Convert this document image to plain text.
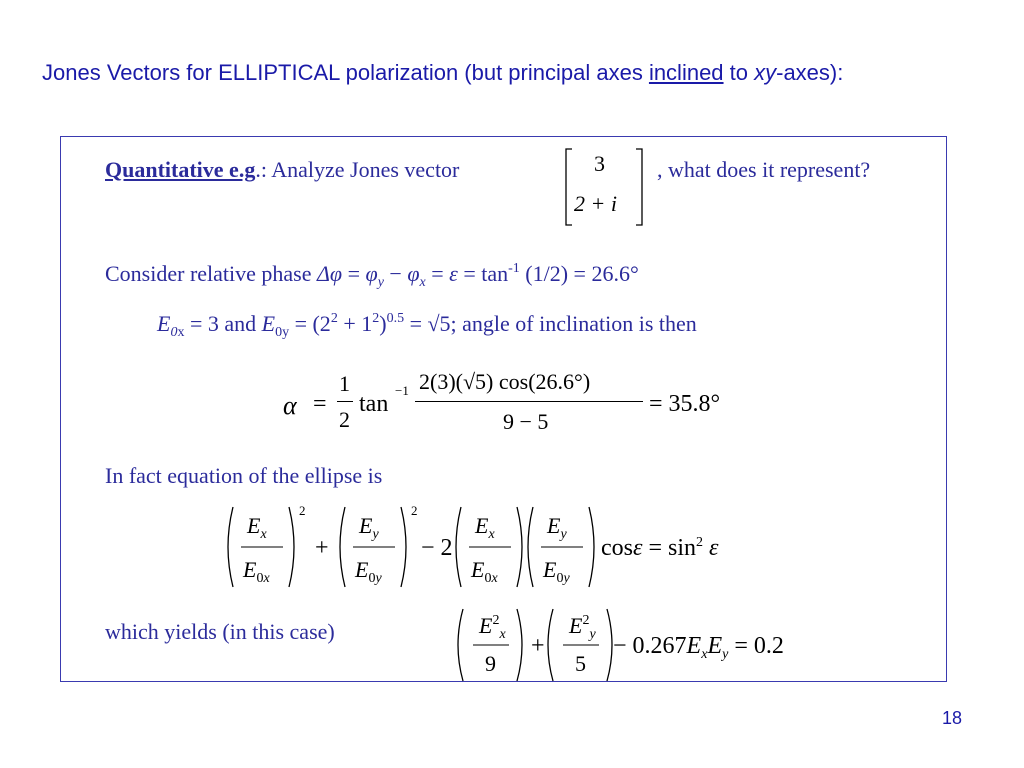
Jones Vectors for ELLIPTICAL polarization (but principal axes inclined to xy-axes):
Quantitative e.g.: Analyze Jones vector	3
2 + i
, what does it represent?
Consider relative phase $\Delta\varphi = \varphi_y - \varphi_x = \varepsilon = \tan^{-1} (1/2) = 26.6^\circ$
$E_{0x} = 3$ and $E_{0y} = (2^2 + 1^2)^{0.5} = √5$; angle of inclination is then
α =
1
2
tan
−1 2(3)(√5) cos(26.6°)
9 − 5
= 35.8°
In fact equation of the ellipse is
$E_x$
$E_{0x}$
2
+
$E_y$
$E_{0y}$
2
− 2
$E_x$
$E_{0x}$
$E_y$
$E_{0y}$
$\cos\varepsilon = \sin^2 \varepsilon$
which yields (in this case)	$E^2_x$
9
+
$E^2_y$
5
− $0.267E_xE_y = 0.2$
18
